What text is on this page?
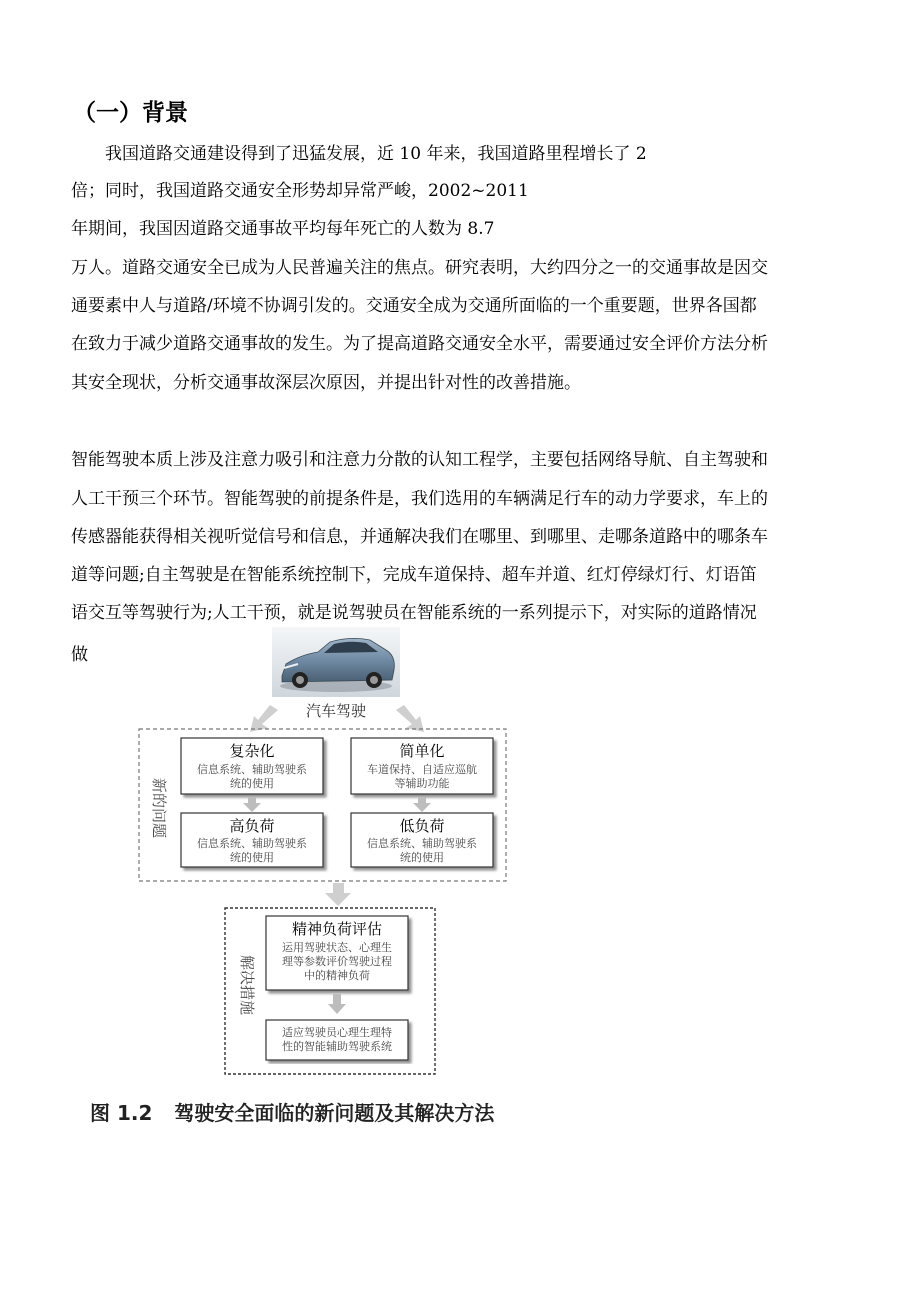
（一）背景
　　我国道路交通建设得到了迅猛发展，近 10 年来，我国道路里程增长了 2
倍；同时，我国道路交通安全形势却异常严峻，2002~2011
年期间，我国因道路交通事故平均每年死亡的人数为 8.7
万人。道路交通安全已成为人民普遍关注的焦点。研究表明，大约四分之一的交通事故是因交
通要素中人与道路/环境不协调引发的。交通安全成为交通所面临的一个重要题，世界各国都
在致力于减少道路交通事故的发生。为了提高道路交通安全水平，需要通过安全评价方法分析
其安全现状，分析交通事故深层次原因，并提出针对性的改善措施。
智能驾驶本质上涉及注意力吸引和注意力分散的认知工程学，主要包括网络导航、自主驾驶和
人工干预三个环节。智能驾驶的前提条件是，我们选用的车辆满足行车的动力学要求，车上的
传感器能获得相关视听觉信号和信息，并通解决我们在哪里、到哪里、走哪条道路中的哪条车
道等问题;自主驾驶是在智能系统控制下，完成车道保持、超车并道、红灯停绿灯行、灯语笛
语交互等驾驶行为;人工干预，就是说驾驶员在智能系统的一系列提示下，对实际的道路情况
做
汽车驾驶
新的问题
复杂化
信息系统、辅助驾驶系
统的使用
简单化
车道保持、自适应巡航
等辅助功能
高负荷
信息系统、辅助驾驶系
统的使用
低负荷
信息系统、辅助驾驶系
统的使用
解决措施
精神负荷评估
运用驾驶状态、心理生
理等参数评价驾驶过程
中的精神负荷
适应驾驶员心理生理特
性的智能辅助驾驶系统
图 1.2 驾驶安全面临的新问题及其解决方法
